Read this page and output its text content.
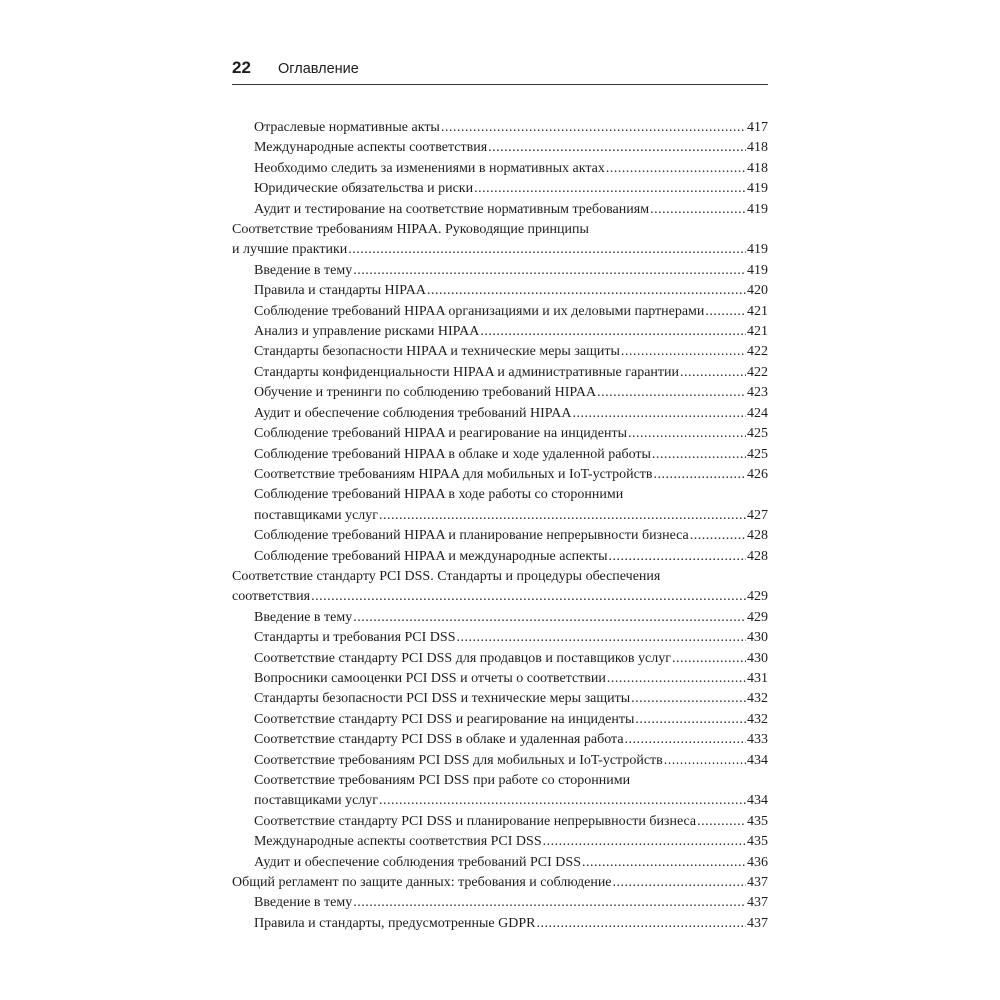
22 Оглавление
Отраслевые нормативные акты .....	417
Международные аспекты соответствия .....	418
Необходимо следить за изменениями в нормативных актах .....	418
Юридические обязательства и риски .....	419
Аудит и тестирование на соответствие нормативным требованиям .....	419
Соответствие требованиям HIPAA. Руководящие принципы
и лучшие практики .....	419
Введение в тему .....	419
Правила и стандарты HIPAA .....	420
Соблюдение требований HIPAA организациями и их деловыми партнерами .....	421
Анализ и управление рисками HIPAA .....	421
Стандарты безопасности HIPAA и технические меры защиты .....	422
Стандарты конфиденциальности HIPAA и административные гарантии .....	422
Обучение и тренинги по соблюдению требований HIPAA .....	423
Аудит и обеспечение соблюдения требований HIPAA .....	424
Соблюдение требований HIPAA и реагирование на инциденты .....	425
Соблюдение требований HIPAA в облаке и ходе удаленной работы .....	425
Соответствие требованиям HIPAA для мобильных и IoT-устройств .....	426
Соблюдение требований HIPAA в ходе работы со сторонними
поставщиками услуг .....	427
Соблюдение требований HIPAA и планирование непрерывности бизнеса .....	428
Соблюдение требований HIPAA и международные аспекты .....	428
Соответствие стандарту PCI DSS. Стандарты и процедуры обеспечения
соответствия .....	429
Введение в тему .....	429
Стандарты и требования PCI DSS .....	430
Соответствие стандарту PCI DSS для продавцов и поставщиков услуг .....	430
Вопросники самооценки PCI DSS и отчеты о соответствии .....	431
Стандарты безопасности PCI DSS и технические меры защиты .....	432
Соответствие стандарту PCI DSS и реагирование на инциденты .....	432
Соответствие стандарту PCI DSS в облаке и удаленная работа .....	433
Соответствие требованиям PCI DSS для мобильных и IoT-устройств .....	434
Соответствие требованиям PCI DSS при работе со сторонними
поставщиками услуг .....	434
Соответствие стандарту PCI DSS и планирование непрерывности бизнеса .....	435
Международные аспекты соответствия PCI DSS .....	435
Аудит и обеспечение соблюдения требований PCI DSS .....	436
Общий регламент по защите данных: требования и соблюдение .....	437
Введение в тему .....	437
Правила и стандарты, предусмотренные GDPR .....	437
